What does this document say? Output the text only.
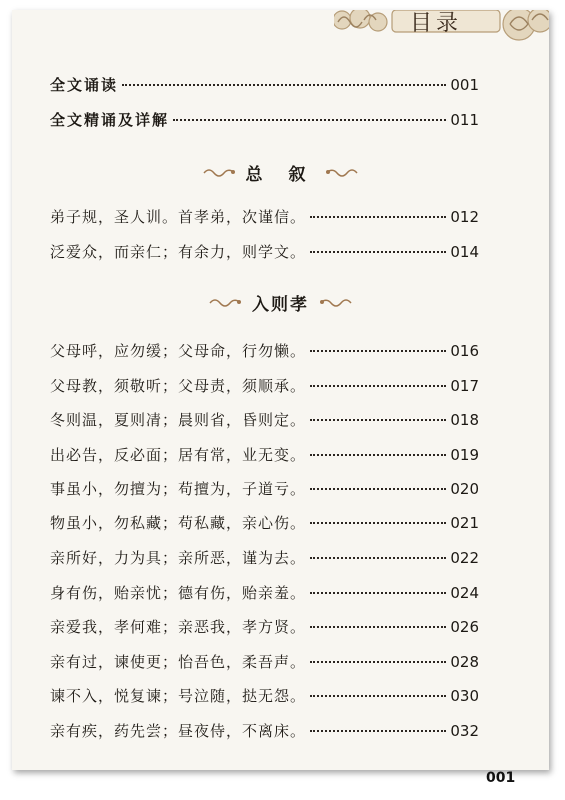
目录
全文诵读	001
全文精诵及详解	011
总 叙
弟子规，圣人训。首孝弟，次谨信。	012
泛爱众，而亲仁；有余力，则学文。	014
入则孝
父母呼，应勿缓；父母命，行勿懒。	016
父母教，须敬听；父母责，须顺承。	017
冬则温，夏则凊；晨则省，昏则定。	018
出必告，反必面；居有常，业无变。	019
事虽小，勿擅为；苟擅为，子道亏。	020
物虽小，勿私藏；苟私藏，亲心伤。	021
亲所好，力为具；亲所恶，谨为去。	022
身有伤，贻亲忧；德有伤，贻亲羞。	024
亲爱我，孝何难；亲恶我，孝方贤。	026
亲有过，谏使更；怡吾色，柔吾声。	028
谏不入，悦复谏；号泣随，挞无怨。	030
亲有疾，药先尝；昼夜侍，不离床。	032
001
